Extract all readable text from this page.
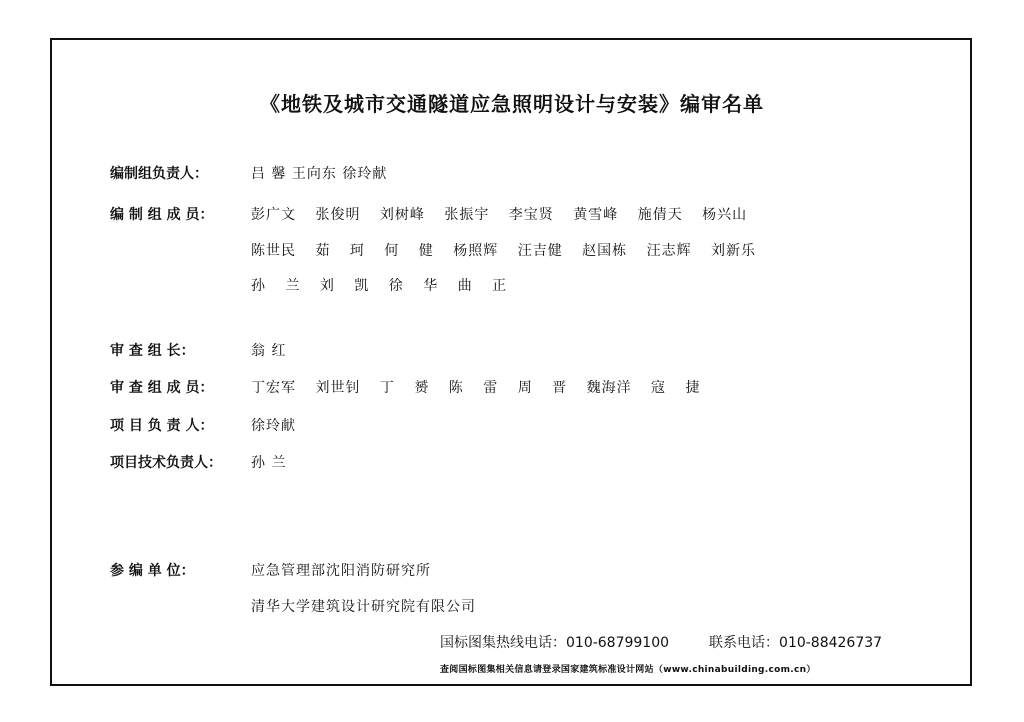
《地铁及城市交通隧道应急照明设计与安装》编审名单
编制组负责人：	吕 馨 王向东 徐玲献
编 制 组 成 员：	彭广文 张俊明 刘树峰 张振宇 李宝贤 黄雪峰 施倩天 杨兴山
陈世民 茹 珂 何 健 杨照辉 汪吉健 赵国栋 汪志辉 刘新乐
孙 兰 刘 凯 徐 华 曲 正
审 查 组 长：	翁 红
审 查 组 成 员：	丁宏军 刘世钊 丁 赟 陈 雷 周 晋 魏海洋 寇 捷
项 目 负 责 人：	徐玲献
项目技术负责人： 孙 兰
参 编 单 位：	应急管理部沈阳消防研究所
清华大学建筑设计研究院有限公司
国标图集热线电话：010-68799100	联系电话：010-88426737
查阅国标图集相关信息请登录国家建筑标准设计网站（www.chinabuilding.com.cn）
